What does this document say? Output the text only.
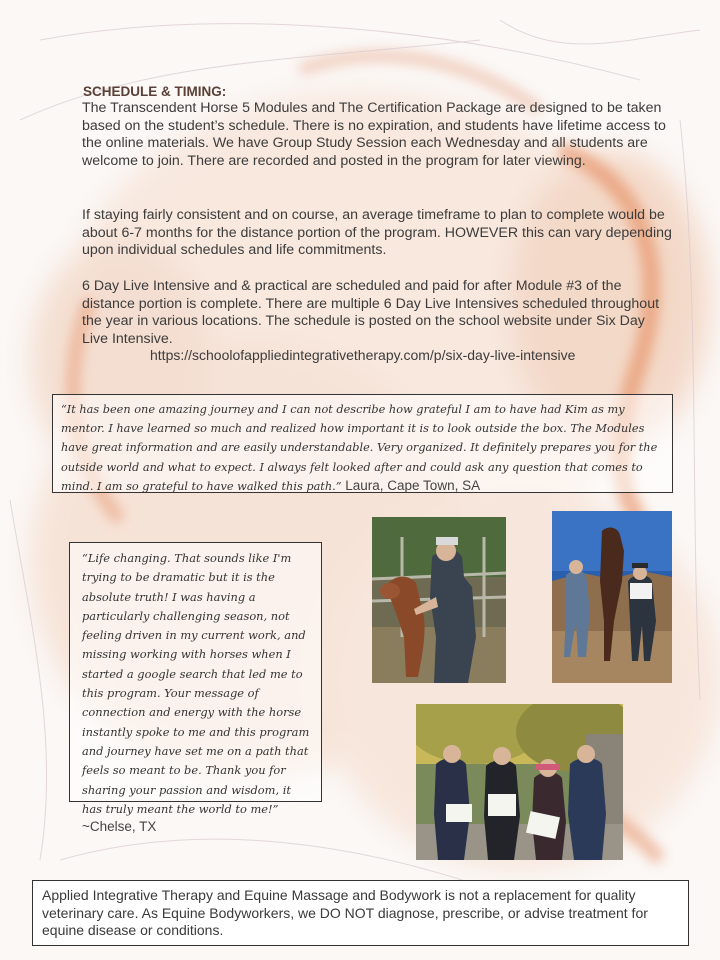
SCHEDULE & TIMING:

The Transcendent Horse 5 Modules and The Certification Package are designed to be taken based on the student’s schedule. There is no expiration, and students have lifetime access to the online materials. We have Group Study Session each Wednesday and all students are welcome to join. There are recorded and posted in the program for later viewing.

If staying fairly consistent and on course, an average timeframe to plan to complete would be about 6-7 months for the distance portion of the program. HOWEVER this can vary depending upon individual schedules and life commitments.

6 Day Live Intensive and & practical are scheduled and paid for after Module #3 of the distance portion is complete. There are multiple 6 Day Live Intensives scheduled throughout the year in various locations. The schedule is posted on the school website under Six Day Live Intensive.

https://schoolofappliedintegrativetherapy.com/p/six-day-live-intensive
“It has been one amazing journey and I can not describe how grateful I am to have had Kim as my mentor. I have learned so much and realized how important it is to look outside the box. The Modules have great information and are easily understandable. Very organized. It definitely prepares you for the outside world and what to expect. I always felt looked after and could ask any question that comes to mind. I am so grateful to have walked this path.” Laura, Cape Town, SA
“Life changing. That sounds like I'm trying to be dramatic but it is the absolute truth! I was having a particularly challenging season, not feeling driven in my current work, and missing working with horses when I started a google search that led me to this program. Your message of connection and energy with the horse instantly spoke to me and this program and journey have set me on a path that feels so meant to be. Thank you for sharing your passion and wisdom, it has truly meant the world to me!”
~Chelse, TX
Applied Integrative Therapy and Equine Massage and Bodywork is not a replacement for quality veterinary care. As Equine Bodyworkers, we DO NOT diagnose, prescribe, or advise treatment for equine disease or conditions.
